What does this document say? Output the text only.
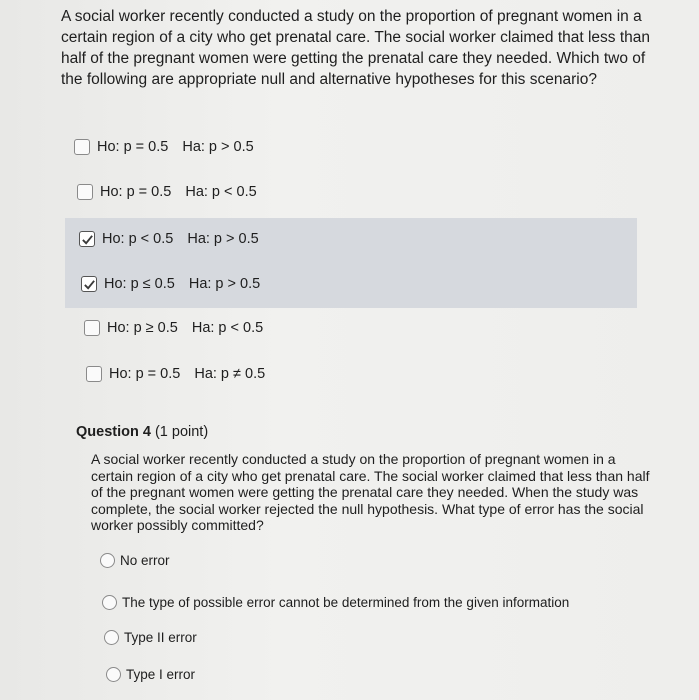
A social worker recently conducted a study on the proportion of pregnant women in a certain region of a city who get prenatal care. The social worker claimed that less than half of the pregnant women were getting the prenatal care they needed. Which two of the following are appropriate null and alternative hypotheses for this scenario?
Ho: p = 0.5 Ha: p > 0.5
Ho: p = 0.5 Ha: p < 0.5
Ho: p < 0.5 Ha: p > 0.5
Ho: p ≤ 0.5 Ha: p > 0.5
Ho: p ≥ 0.5 Ha: p < 0.5
Ho: p = 0.5 Ha: p ≠ 0.5
Question 4 (1 point)
A social worker recently conducted a study on the proportion of pregnant women in a certain region of a city who get prenatal care. The social worker claimed that less than half of the pregnant women were getting the prenatal care they needed. When the study was complete, the social worker rejected the null hypothesis. What type of error has the social worker possibly committed?
No error
The type of possible error cannot be determined from the given information
Type II error
Type I error
